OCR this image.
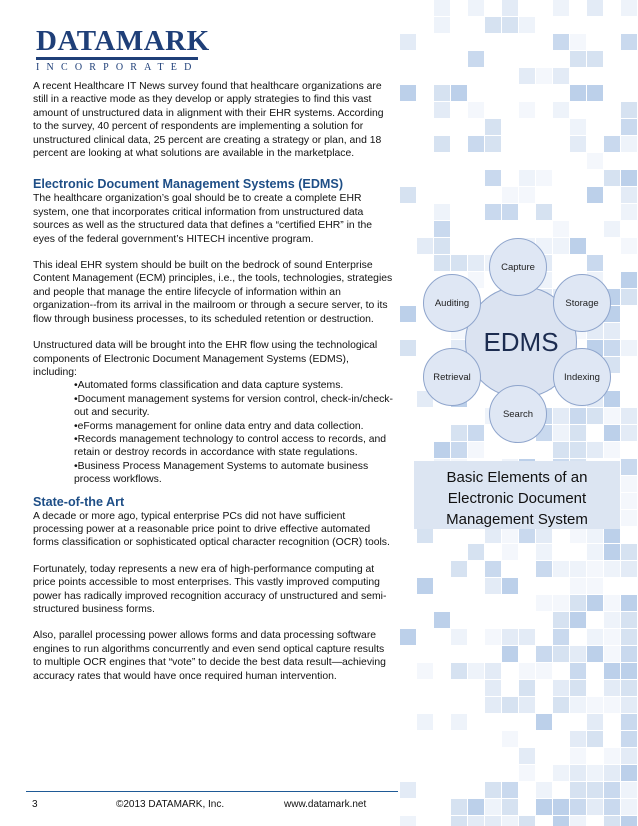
DATAMARK
INCORPORATED

A recent Healthcare IT News survey found that healthcare organizations are still in a reactive mode as they develop or apply strategies to find this vast amount of unstructured data in alignment with their EHR systems. According to the survey, 40 percent of respondents are implementing a solution for unstructured clinical data, 25 percent are creating a strategy or plan, and 18 percent are looking at what solutions are available in the marketplace.

Electronic Document Management Systems (EDMS)

The healthcare organization’s goal should be to create a complete EHR system, one that incorporates critical information from unstructured data sources as well as the structured data that defines a “certified EHR” in the eyes of the federal government’s HITECH incentive program.

This ideal EHR system should be built on the bedrock of sound Enterprise Content Management (ECM) principles, i.e., the tools, technologies, strategies and people that manage the entire lifecycle of information within an organization--from its arrival in the mailroom or through a secure server, to its flow through business processes, to its scheduled retention or destruction.

Unstructured data will be brought into the EHR flow using the technological components of Electronic Document Management Systems (EDMS), including:

•Automated forms classification and data capture systems.

•Document management systems for version control, check-in/check-out and security.

•eForms management for online data entry and data collection.

•Records management technology to control access to records, and retain or destroy records in accordance with state regulations.

•Business Process Management Systems to automate business process workflows.

State-of-the Art

A decade or more ago, typical enterprise PCs did not have sufficient processing power at a reasonable price point to drive effective automated forms classification or sophisticated optical character recognition (OCR) tools.

Fortunately, today represents a new era of high-performance computing at price points accessible to most enterprises. This vastly improved computing power has radically improved recognition accuracy of unstructured and semi-structured business forms.

Also, parallel processing power allows forms and data processing software engines to run algorithms concurrently and even send optical capture results to multiple OCR engines that “vote” to decide the best data result—achieving accuracy rates that would have once required human intervention.

EDMS
Capture
Storage
Indexing
Search
Retrieval
Auditing
Basic Elements of an Electronic Document Management System
3	©2013 DATAMARK, Inc.	www.datamark.net
